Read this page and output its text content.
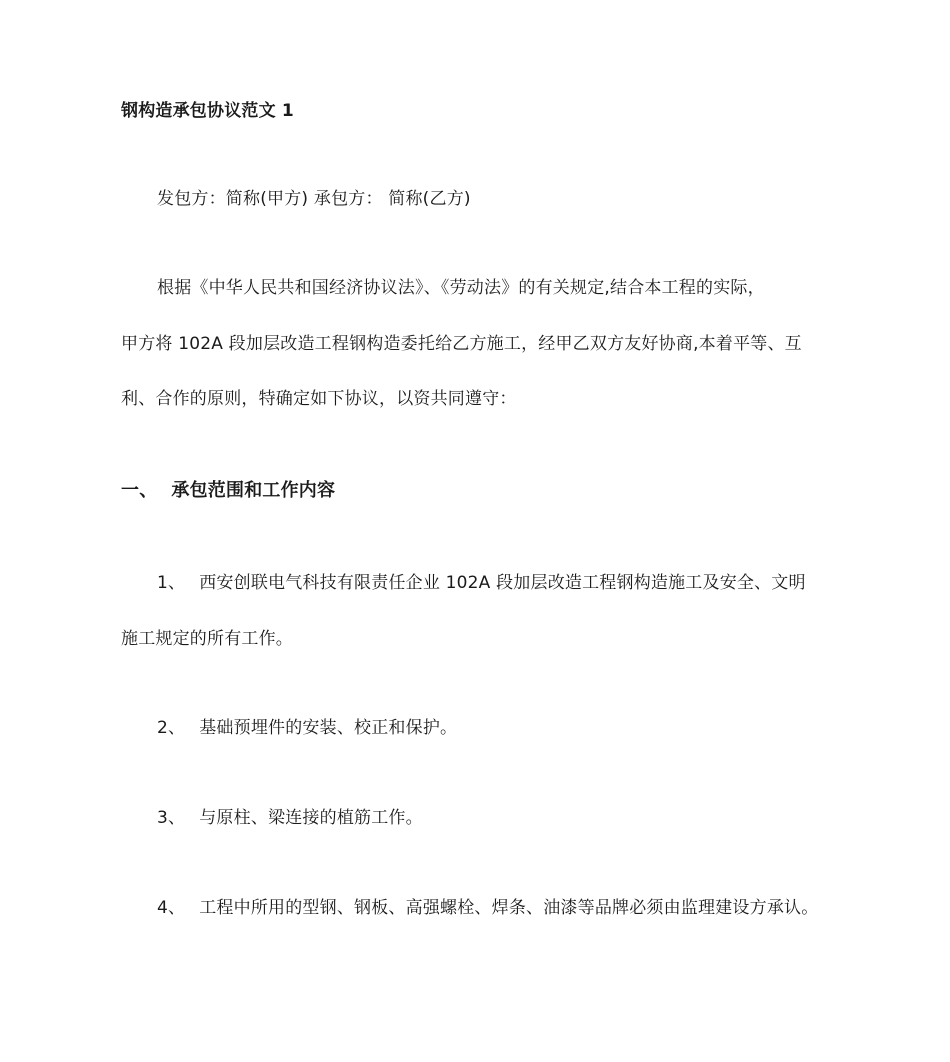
钢构造承包协议范文 1
发包方：简称(甲方) 承包方： 简称(乙方)
根据《中华人民共和国经济协议法》、《劳动法》的有关规定,结合本工程的实际，
甲方将 102A 段加层改造工程钢构造委托给乙方施工，经甲乙双方友好协商,本着平等、互
利、合作的原则，特确定如下协议，以资共同遵守：
一、 承包范围和工作内容
1、 西安创联电气科技有限责任企业 102A 段加层改造工程钢构造施工及安全、文明
施工规定的所有工作。
2、 基础预埋件的安装、校正和保护。
3、 与原柱、梁连接的植筋工作。
4、 工程中所用的型钢、钢板、高强螺栓、焊条、油漆等品牌必须由监理建设方承认。
